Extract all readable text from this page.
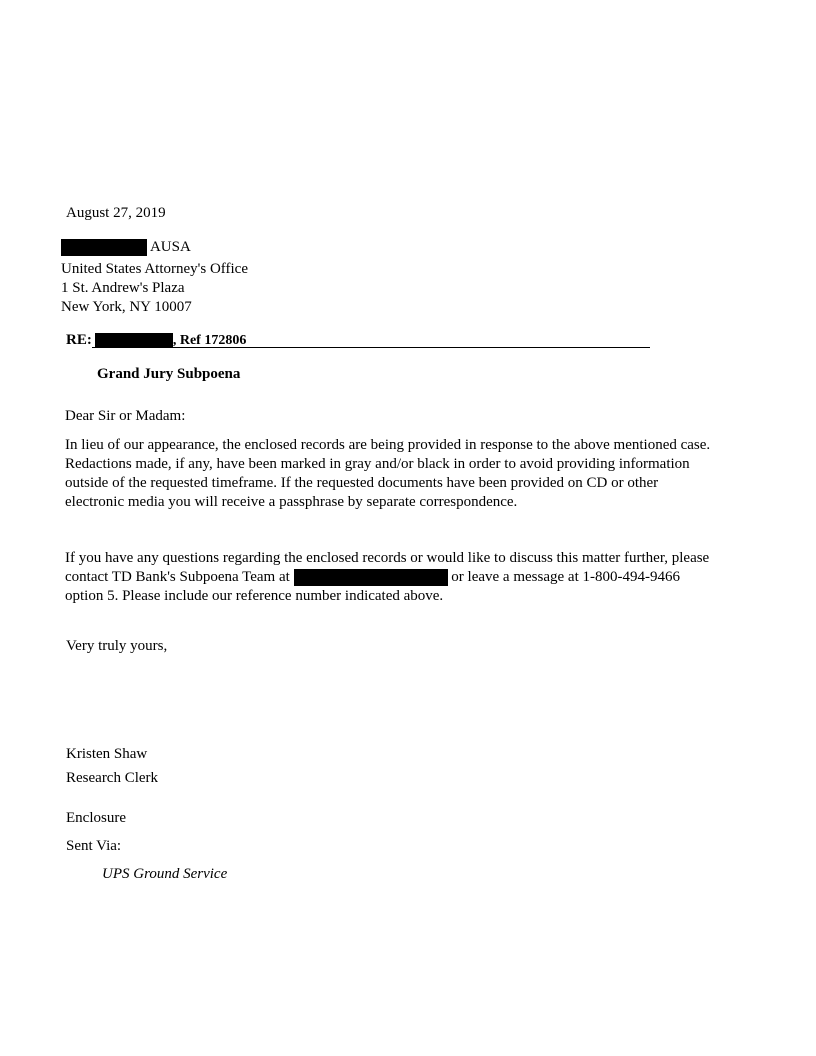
August 27, 2019
AUSA
United States Attorney's Office
1 St. Andrew's Plaza
New York, NY 10007
RE:	, Ref 172806
Grand Jury Subpoena
Dear Sir or Madam:
In lieu of our appearance, the enclosed records are being provided in response to the above mentioned case. Redactions made, if any, have been marked in gray and/or black in order to avoid providing information outside of the requested timeframe. If the requested documents have been provided on CD or other electronic media you will receive a passphrase by separate correspondence.
If you have any questions regarding the enclosed records or would like to discuss this matter further, please contact TD Bank's Subpoena Team at	or leave a message at 1-800-494-9466 option 5. Please include our reference number indicated above.
Very truly yours,
Kristen Shaw
Research Clerk
Enclosure
Sent Via:
UPS Ground Service
